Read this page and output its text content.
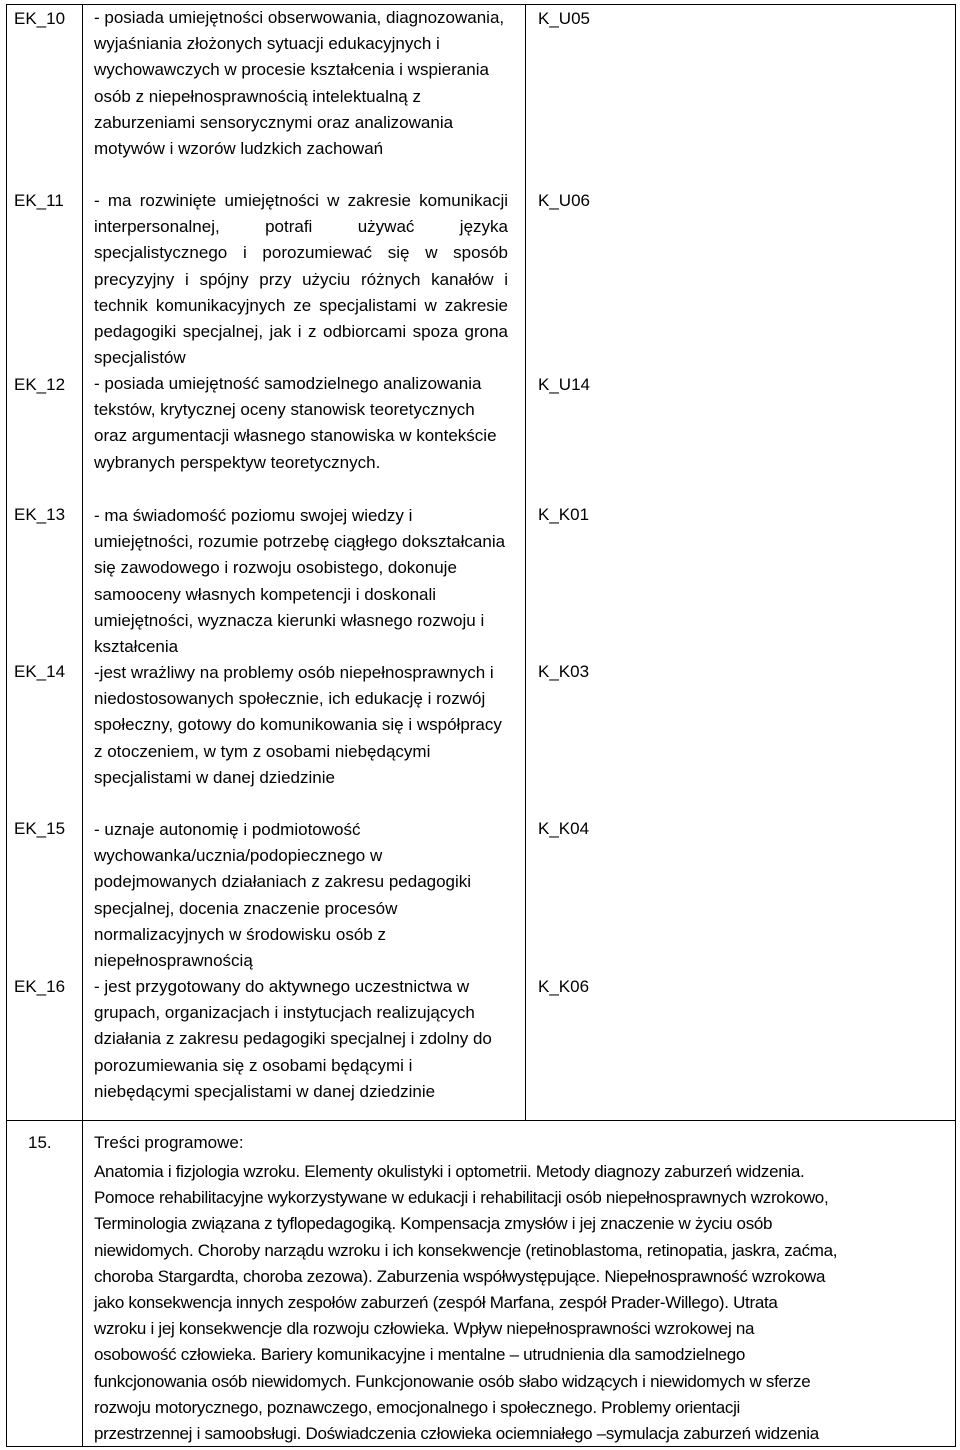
EK_10	- posiada umiejętności obserwowania, diagnozowania, wyjaśniania złożonych sytuacji edukacyjnych i wychowawczych w procesie kształcenia i wspierania osób z niepełnosprawnością intelektualną z zaburzeniami sensorycznymi oraz analizowania motywów i wzorów ludzkich zachowań
K_U05
EK_11	- ma rozwinięte umiejętności w zakresie komunikacji interpersonalnej, potrafi używać języka specjalistycznego i porozumiewać się w sposób precyzyjny i spójny przy użyciu różnych kanałów i technik komunikacyjnych ze specjalistami w zakresie pedagogiki specjalnej, jak i z odbiorcami spoza grona specjalistów
K_U06
EK_12	- posiada umiejętność samodzielnego analizowania tekstów, krytycznej oceny stanowisk teoretycznych oraz argumentacji własnego stanowiska w kontekście wybranych perspektyw teoretycznych.
K_U14
EK_13	- ma świadomość poziomu swojej wiedzy i umiejętności, rozumie potrzebę ciągłego dokształcania się zawodowego i rozwoju osobistego, dokonuje samooceny własnych kompetencji i doskonali umiejętności, wyznacza kierunki własnego rozwoju i kształcenia
K_K01
EK_14	-jest wrażliwy na problemy osób niepełnosprawnych i niedostosowanych społecznie, ich edukację i rozwój społeczny, gotowy do komunikowania się i współpracy z otoczeniem, w tym z osobami niebędącymi specjalistami w danej dziedzinie
K_K03
EK_15	- uznaje autonomię i podmiotowość wychowanka/ucznia/podopiecznego w podejmowanych działaniach z zakresu pedagogiki specjalnej, docenia znaczenie procesów normalizacyjnych w środowisku osób z niepełnosprawnością
K_K04
EK_16	- jest przygotowany do aktywnego uczestnictwa w grupach, organizacjach i instytucjach realizujących działania z zakresu pedagogiki specjalnej i zdolny do porozumiewania się z osobami będącymi i niebędącymi specjalistami w danej dziedzinie
K_K06
15. Treści programowe:
Anatomia i fizjologia wzroku. Elementy okulistyki i optometrii. Metody diagnozy zaburzeń widzenia.
Pomoce rehabilitacyjne wykorzystywane w edukacji i rehabilitacji osób niepełnosprawnych wzrokowo,
Terminologia związana z tyflopedagogiką. Kompensacja zmysłów i jej znaczenie w życiu osób
niewidomych. Choroby narządu wzroku i ich konsekwencje (retinoblastoma, retinopatia, jaskra, zaćma,
choroba Stargardta, choroba zezowa). Zaburzenia współwystępujące. Niepełnosprawność wzrokowa
jako konsekwencja innych zespołów zaburzeń (zespół Marfana, zespół Prader-Willego). Utrata
wzroku i jej konsekwencje dla rozwoju człowieka. Wpływ niepełnosprawności wzrokowej na
osobowość człowieka. Bariery komunikacyjne i mentalne – utrudnienia dla samodzielnego
funkcjonowania osób niewidomych. Funkcjonowanie osób słabo widzących i niewidomych w sferze
rozwoju motorycznego, poznawczego, emocjonalnego i społecznego. Problemy orientacji
przestrzennej i samoobsługi. Doświadczenia człowieka ociemniałego –symulacja zaburzeń widzenia
